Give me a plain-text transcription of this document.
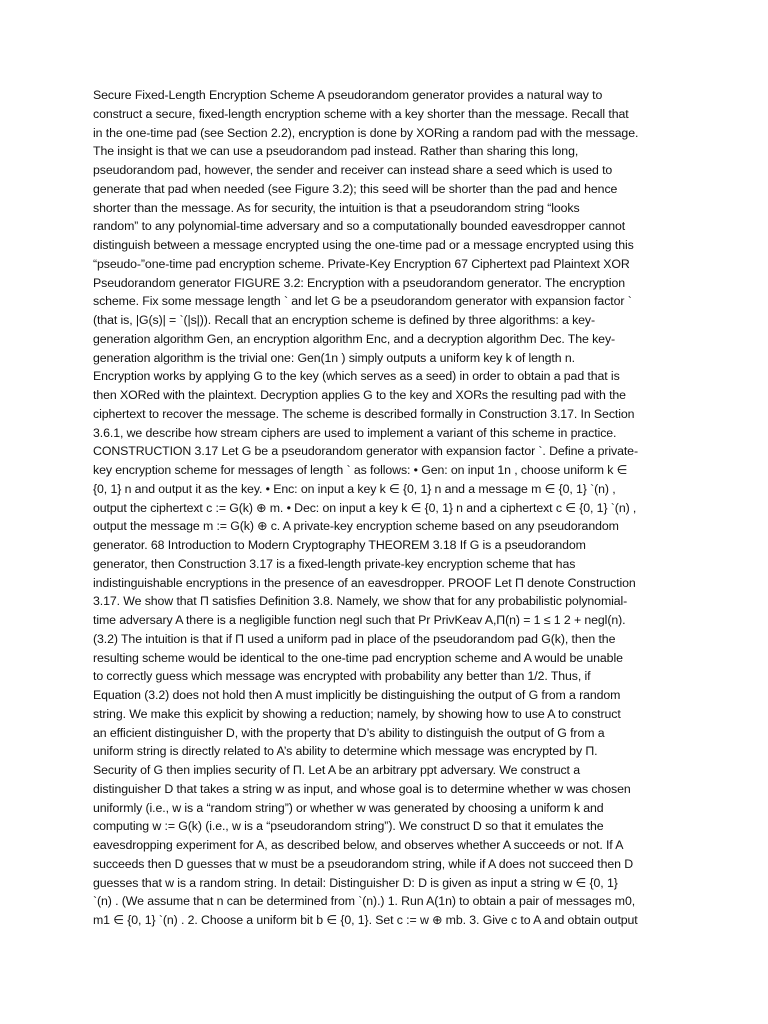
Secure Fixed-Length Encryption Scheme A pseudorandom generator provides a natural way to
construct a secure, fixed-length encryption scheme with a key shorter than the message. Recall that
in the one-time pad (see Section 2.2), encryption is done by XORing a random pad with the message.
The insight is that we can use a pseudorandom pad instead. Rather than sharing this long,
pseudorandom pad, however, the sender and receiver can instead share a seed which is used to
generate that pad when needed (see Figure 3.2); this seed will be shorter than the pad and hence
shorter than the message. As for security, the intuition is that a pseudorandom string “looks
random” to any polynomial-time adversary and so a computationally bounded eavesdropper cannot
distinguish between a message encrypted using the one-time pad or a message encrypted using this
“pseudo-”one-time pad encryption scheme. Private-Key Encryption 67 Ciphertext pad Plaintext XOR
Pseudorandom generator FIGURE 3.2: Encryption with a pseudorandom generator. The encryption
scheme. Fix some message length ` and let G be a pseudorandom generator with expansion factor `
(that is, |G(s)| = `(|s|)). Recall that an encryption scheme is defined by three algorithms: a key-
generation algorithm Gen, an encryption algorithm Enc, and a decryption algorithm Dec. The key-
generation algorithm is the trivial one: Gen(1n ) simply outputs a uniform key k of length n.
Encryption works by applying G to the key (which serves as a seed) in order to obtain a pad that is
then XORed with the plaintext. Decryption applies G to the key and XORs the resulting pad with the
ciphertext to recover the message. The scheme is described formally in Construction 3.17. In Section
3.6.1, we describe how stream ciphers are used to implement a variant of this scheme in practice.
CONSTRUCTION 3.17 Let G be a pseudorandom generator with expansion factor `. Define a private-
key encryption scheme for messages of length ` as follows: • Gen: on input 1n , choose uniform k ∈
{0, 1} n and output it as the key. • Enc: on input a key k ∈ {0, 1} n and a message m ∈ {0, 1} `(n) ,
output the ciphertext c := G(k) ⊕ m. • Dec: on input a key k ∈ {0, 1} n and a ciphertext c ∈ {0, 1} `(n) ,
output the message m := G(k) ⊕ c. A private-key encryption scheme based on any pseudorandom
generator. 68 Introduction to Modern Cryptography THEOREM 3.18 If G is a pseudorandom
generator, then Construction 3.17 is a fixed-length private-key encryption scheme that has
indistinguishable encryptions in the presence of an eavesdropper. PROOF Let Π denote Construction
3.17. We show that Π satisfies Definition 3.8. Namely, we show that for any probabilistic polynomial-
time adversary A there is a negligible function negl such that Pr PrivKeav A,Π(n) = 1 ≤ 1 2 + negl(n).
(3.2) The intuition is that if Π used a uniform pad in place of the pseudorandom pad G(k), then the
resulting scheme would be identical to the one-time pad encryption scheme and A would be unable
to correctly guess which message was encrypted with probability any better than 1/2. Thus, if
Equation (3.2) does not hold then A must implicitly be distinguishing the output of G from a random
string. We make this explicit by showing a reduction; namely, by showing how to use A to construct
an efficient distinguisher D, with the property that D’s ability to distinguish the output of G from a
uniform string is directly related to A’s ability to determine which message was encrypted by Π.
Security of G then implies security of Π. Let A be an arbitrary ppt adversary. We construct a
distinguisher D that takes a string w as input, and whose goal is to determine whether w was chosen
uniformly (i.e., w is a “random string”) or whether w was generated by choosing a uniform k and
computing w := G(k) (i.e., w is a “pseudorandom string”). We construct D so that it emulates the
eavesdropping experiment for A, as described below, and observes whether A succeeds or not. If A
succeeds then D guesses that w must be a pseudorandom string, while if A does not succeed then D
guesses that w is a random string. In detail: Distinguisher D: D is given as input a string w ∈ {0, 1}
`(n) . (We assume that n can be determined from `(n).) 1. Run A(1n) to obtain a pair of messages m0,
m1 ∈ {0, 1} `(n) . 2. Choose a uniform bit b ∈ {0, 1}. Set c := w ⊕ mb. 3. Give c to A and obtain output
